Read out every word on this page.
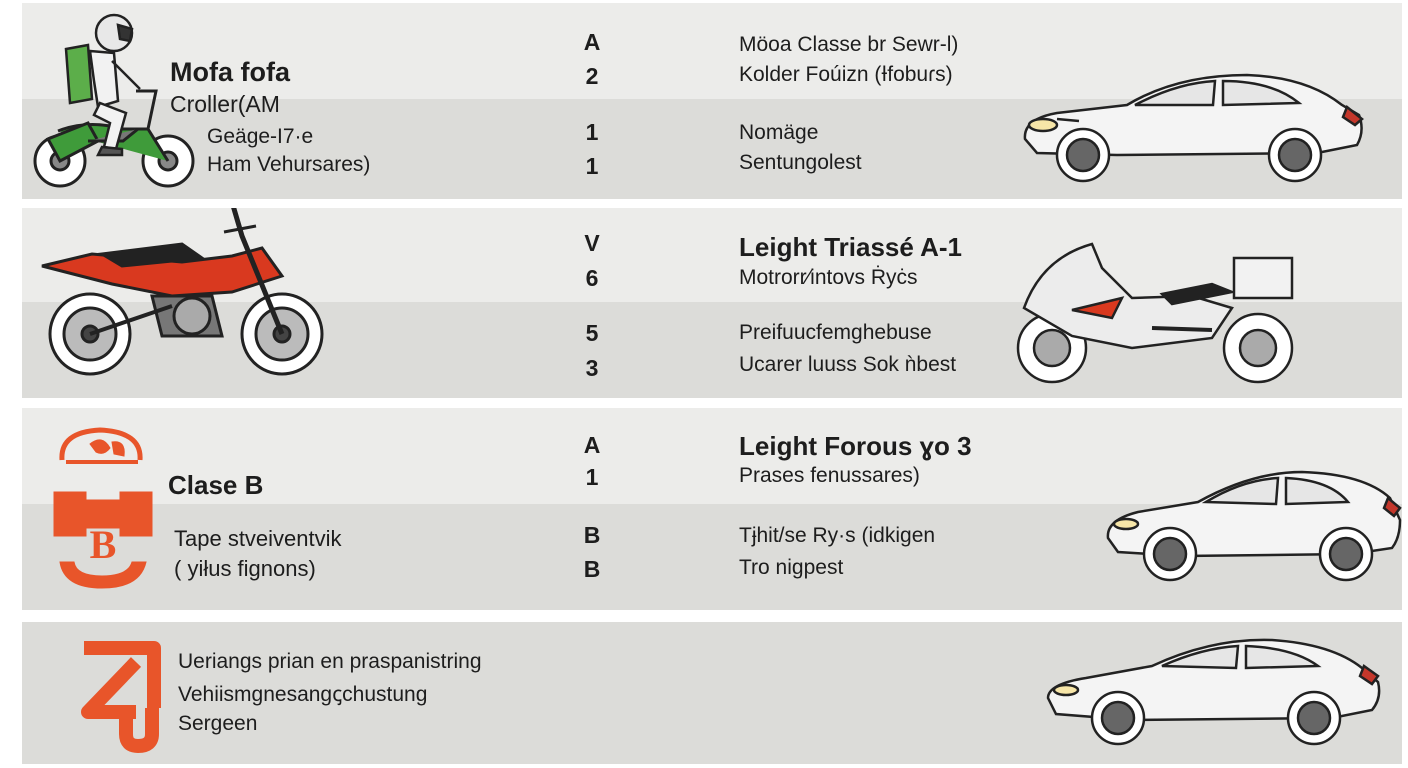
Mofa fofa
Croller(AM
Geäge-I7·e
Ham Vehursares)
A
2
1
1
Möoa Classe br Sewr-l)
Kolder Foúizn (Ɨfobuɾs)
Nomäge
Sentungolest
V
6
5
3
Leight Triassé A-1
Motrorr⁄intovs Ṙyċs
Preifuucfemɡhebuse
Ucarer luuss Sok ǹbest
B
Clase B
Tape stveiventvik
( yiłus fignons)
A
1
B
B
Leight Forous ɣo 3
Prases fenussares)
Tɉhit/se Ry·s (idkigen
Tro nigpest
Ueriangs prian en praspanistring
Vehiismgnesangꞔchustung
Sergeen
